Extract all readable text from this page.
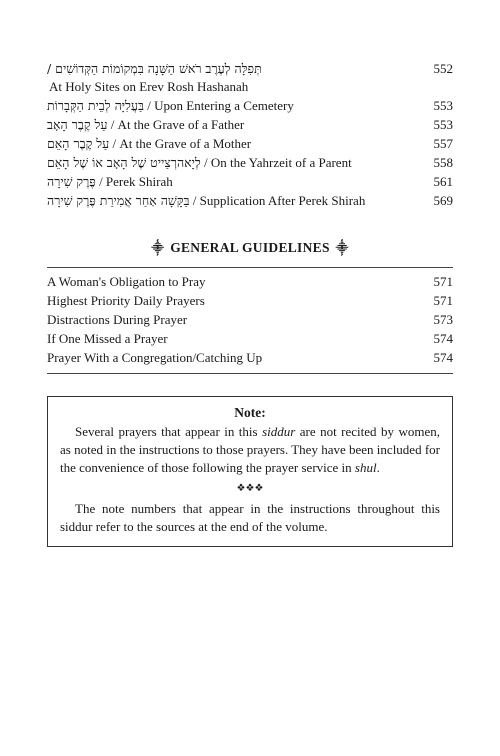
תְּפִלָּה לְעֶרֶב רֹאשׁ הַשָּׁנָה בִּמְקוֹמוֹת הַקְּדוֹשִׁים /
At Holy Sites on Erev Rosh Hashanah
552
בַּעֲלִיָּה לְבֵית הַקְּבָרוֹת / Upon Entering a Cemetery	553
עַל קֶבֶר הָאָב / At the Grave of a Father	553
עַל קֶבֶר הָאֵם / At the Grave of a Mother	557
לְיָאהרְצַייט שֶׁל הָאָב אוֹ שֶׁל הָאֵם / On the Yahrzeit of a Parent	558
פֶּרֶק שִׁירָה / Perek Shirah	561
בַּקָּשָׁה אַחַר אֲמִירַת פֶּרֶק שִׁירָה / Supplication After Perek Shirah	569
⸎ GENERAL GUIDELINES ⸎
A Woman's Obligation to Pray	571
Highest Priority Daily Prayers	571
Distractions During Prayer	573
If One Missed a Prayer	574
Prayer With a Congregation/Catching Up	574
Note:

Several prayers that appear in this siddur are not recited by women, as noted in the instructions to those prayers. They have been included for the convenience of those following the prayer service in shul.

❖❖❖

The note numbers that appear in the instructions throughout this siddur refer to the sources at the end of the volume.
